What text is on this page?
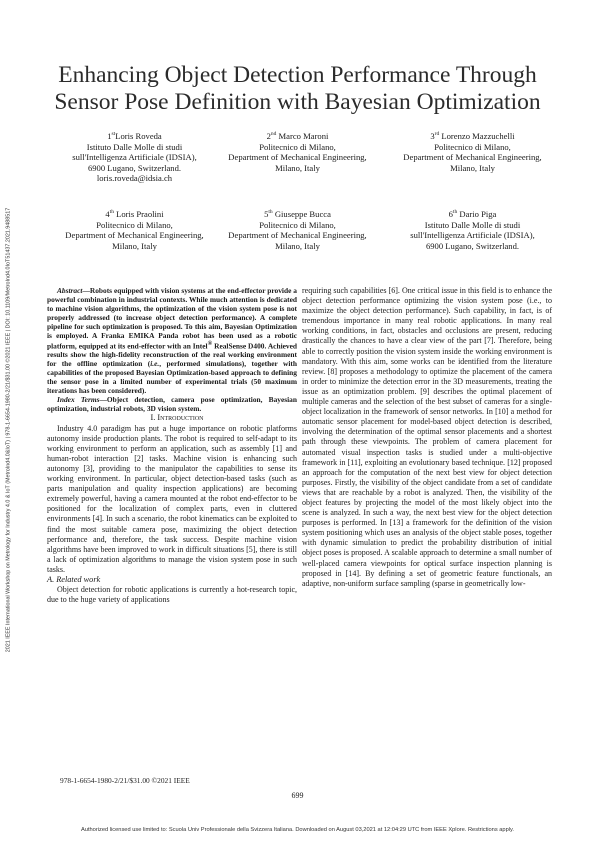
2021 IEEE International Workshop on Metrology for Industry 4.0 & IoT (MetroInd4.0&IoT) | 978-1-6654-1980-2/21/$31.00 ©2021 IEEE | DOI: 10.1109/MetroInd4.0IoT51437.2021.9488517
Enhancing Object Detection Performance Through
Sensor Pose Definition with Bayesian Optimization
1stLoris Roveda
Istituto Dalle Molle di studi
sull'Intelligenza Artificiale (IDSIA),
6900 Lugano, Switzerland.
loris.roveda@idsia.ch
2nd Marco Maroni
Politecnico di Milano,
Department of Mechanical Engineering,
Milano, Italy
3rd Lorenzo Mazzuchelli
Politecnico di Milano,
Department of Mechanical Engineering,
Milano, Italy
4th Loris Praolini
Politecnico di Milano,
Department of Mechanical Engineering,
Milano, Italy
5th Giuseppe Bucca
Politecnico di Milano,
Department of Mechanical Engineering,
Milano, Italy
6th Dario Piga
Istituto Dalle Molle di studi
sull'Intelligenza Artificiale (IDSIA),
6900 Lugano, Switzerland.

Abstract—Robots equipped with vision systems at the end-effector provide a powerful combination in industrial contexts. While much attention is dedicated to machine vision algorithms, the optimization of the vision system pose is not properly addressed (to increase object detection performance). A complete pipeline for such optimization is proposed. To this aim, Bayesian Optimization is employed. A Franka EMIKA Panda robot has been used as a robotic platform, equipped at its end-effector with an Intel® RealSense D400. Achieved results show the high-fidelity reconstruction of the real working environment for the offline optimization (i.e., performed simulations), together with capabilities of the proposed Bayesian Optimization-based approach to defining the sensor pose in a limited number of experimental trials (50 maximum iterations has been considered).

Index Terms—Object detection, camera pose optimization, Bayesian optimization, industrial robots, 3D vision system.

I. Introduction

Industry 4.0 paradigm has put a huge importance on robotic platforms autonomy inside production plants. The robot is required to self-adapt to its working environment to perform an application, such as assembly [1] and human-robot interaction [2] tasks. Machine vision is enhancing such autonomy [3], providing to the manipulator the capabilities to sense its working environment. In particular, object detection-based tasks (such as parts manipulation and quality inspection applications) are becoming extremely powerful, having a camera mounted at the robot end-effector to be positioned for the localization of complex parts, even in cluttered environments [4]. In such a scenario, the robot kinematics can be exploited to find the most suitable camera pose, maximizing the object detection performance and, therefore, the task success. Despite machine vision algorithms have been improved to work in difficult situations [5], there is still a lack of optimization algorithms to manage the vision system pose in such tasks.

A. Related work

Object detection for robotic applications is currently a hot-research topic, due to the huge variety of applications

requiring such capabilities [6]. One critical issue in this field is to enhance the object detection performance optimizing the vision system pose (i.e., to maximize the object detection performance). Such capability, in fact, is of tremendous importance in many real robotic applications. In many real working conditions, in fact, obstacles and occlusions are present, reducing drastically the chances to have a clear view of the part [7]. Therefore, being able to correctly position the vision system inside the working environment is mandatory. With this aim, some works can be identified from the literature review. [8] proposes a methodology to optimize the placement of the camera in order to minimize the detection error in the 3D measurements, treating the issue as an optimization problem. [9] describes the optimal placement of multiple cameras and the selection of the best subset of cameras for a single-object localization in the framework of sensor networks. In [10] a method for automatic sensor placement for model-based object detection is described, involving the determination of the optimal sensor placements and a shortest path through these viewpoints. The problem of camera placement for automated visual inspection tasks is studied under a multi-objective framework in [11], exploiting an evolutionary based technique. [12] proposed an approach for the computation of the next best view for object detection purposes. Firstly, the visibility of the object candidate from a set of candidate views that are reachable by a robot is analyzed. Then, the visibility of the object features by projecting the model of the most likely object into the scene is analyzed. In such a way, the next best view for the object detection purposes is performed. In [13] a framework for the definition of the vision system positioning which uses an analysis of the object stable poses, together with dynamic simulation to predict the probability distribution of initial object poses is proposed. A scalable approach to determine a small number of well-placed camera viewpoints for optical surface inspection planning is proposed in [14]. By defining a set of geometric feature functionals, an adaptive, non-uniform surface sampling (sparse in geometrically low-

978-1-6654-1980-2/21/$31.00 ©2021 IEEE
699
Authorized licensed use limited to: Scuola Univ Professionale della Svizzera Italiana. Downloaded on August 03,2021 at 12:04:29 UTC from IEEE Xplore. Restrictions apply.
